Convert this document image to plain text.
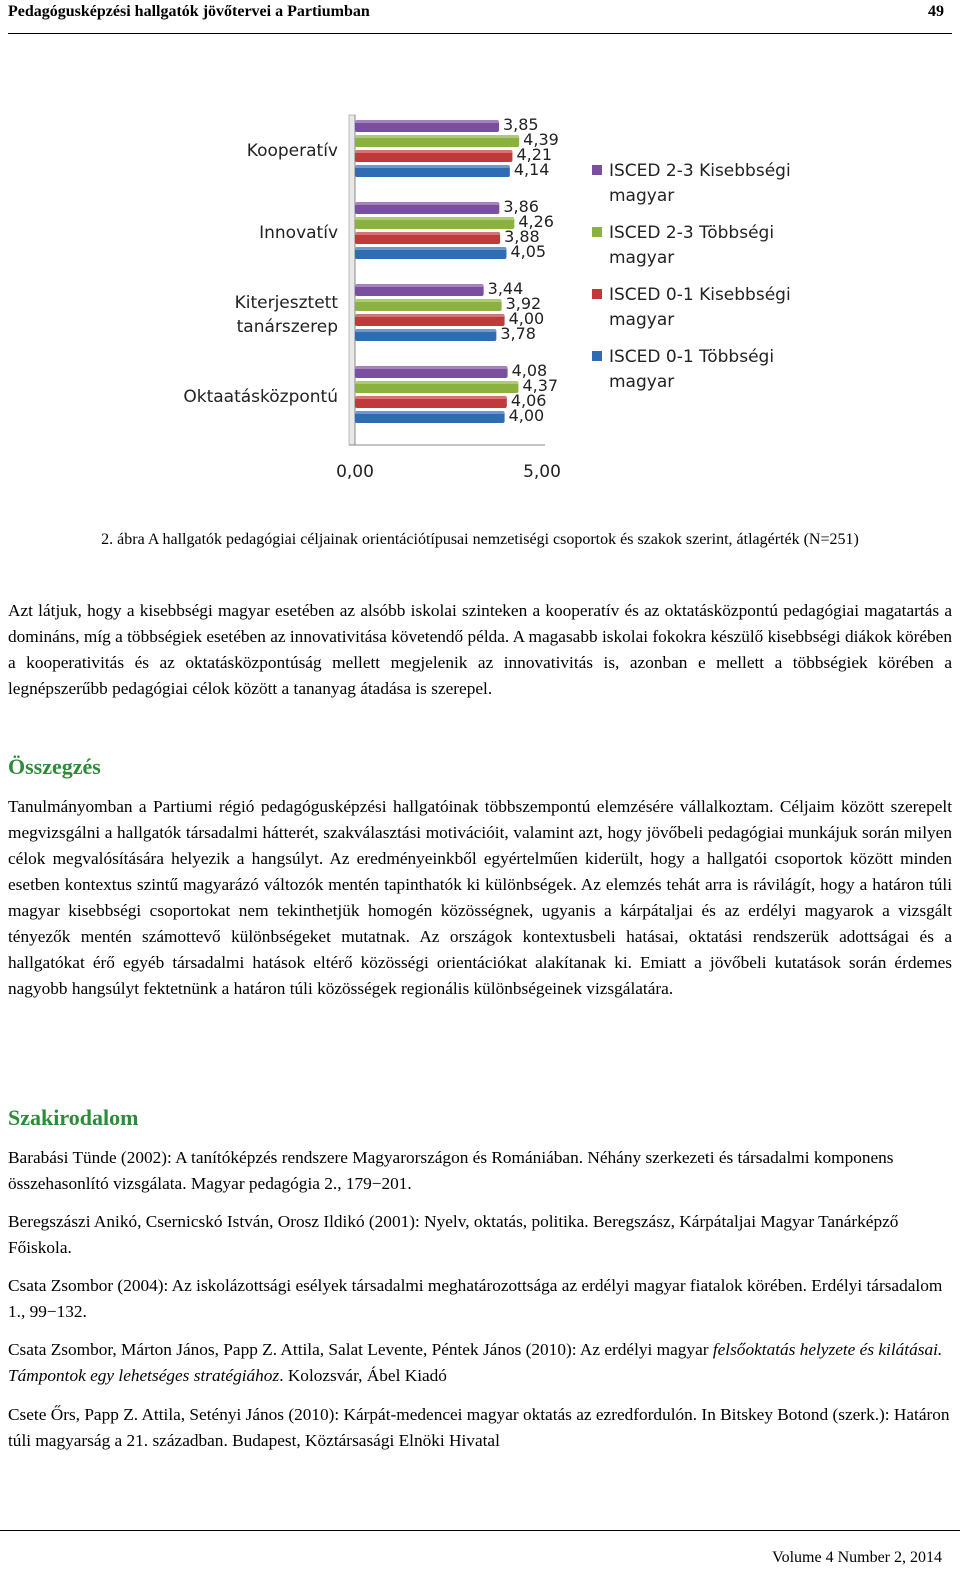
Pedagógusképzési hallgatók jövőtervei a Partiumban	49
0,00	5,00
Kooperatív
Innovatív
Kiterjesztett
tanárszerep
Oktaatásközpontú
3,85
4,39
4,21
4,14
3,86
4,26
3,88
4,05
3,44
3,92
4,00
3,78
4,08
4,37
4,06
4,00
ISCED 2-3 Kisebbségi
magyar
ISCED 2-3 Többségi
magyar
ISCED 0-1 Kisebbségi
magyar
ISCED 0-1 Többségi
magyar
2. ábra A hallgatók pedagógiai céljainak orientációtípusai nemzetiségi csoportok és szakok szerint, átlagérték (N=251)

Azt látjuk, hogy a kisebbségi magyar esetében az alsóbb iskolai szinteken a kooperatív és az oktatásközpontú pedagógiai magatartás a domináns, míg a többségiek esetében az innovativitása követendő példa. A magasabb iskolai fokokra készülő kisebbségi diákok körében a kooperativitás és az oktatásközpontúság mellett megjelenik az innovativitás is, azonban e mellett a többségiek körében a legnépszerűbb pedagógiai célok között a tananyag átadása is szerepel.

Összegzés

Tanulmányomban a Partiumi régió pedagógusképzési hallgatóinak többszempontú elemzésére vállalkoztam. Céljaim között szerepelt megvizsgálni a hallgatók társadalmi hátterét, szakválasztási motivációit, valamint azt, hogy jövőbeli pedagógiai munkájuk során milyen célok megvalósítására helyezik a hangsúlyt. Az eredményeinkből egyértelműen kiderült, hogy a hallgatói csoportok között minden esetben kontextus szintű magyarázó változók mentén tapinthatók ki különbségek. Az elemzés tehát arra is rávilágít, hogy a határon túli magyar kisebbségi csoportokat nem tekinthetjük homogén közösségnek, ugyanis a kárpátaljai és az erdélyi magyarok a vizsgált tényezők mentén számottevő különbségeket mutatnak. Az országok kontextusbeli hatásai, oktatási rendszerük adottságai és a hallgatókat érő egyéb társadalmi hatások eltérő közösségi orientációkat alakítanak ki. Emiatt a jövőbeli kutatások során érdemes nagyobb hangsúlyt fektetnünk a határon túli közösségek regionális különbségeinek vizsgálatára.

Szakirodalom

Barabási Tünde (2002): A tanítóképzés rendszere Magyarországon és Romániában. Néhány szerkezeti és társadalmi komponens összehasonlító vizsgálata. Magyar pedagógia 2., 179−201.

Beregszászi Anikó, Csernicskó István, Orosz Ildikó (2001): Nyelv, oktatás, politika. Beregszász, Kárpátaljai Magyar Tanárképző Főiskola.

Csata Zsombor (2004): Az iskolázottsági esélyek társadalmi meghatározottsága az erdélyi magyar fiatalok körében. Erdélyi társadalom 1., 99−132.

Csata Zsombor, Márton János, Papp Z. Attila, Salat Levente, Péntek János (2010): Az erdélyi magyar felsőoktatás helyzete és kilátásai. Támpontok egy lehetséges stratégiához. Kolozsvár, Ábel Kiadó

Csete Őrs, Papp Z. Attila, Setényi János (2010): Kárpát-medencei magyar oktatás az ezredfordulón. In Bitskey Botond (szerk.): Határon túli magyarság a 21. században. Budapest, Köztársasági Elnöki Hivatal

Volume 4 Number 2, 2014
